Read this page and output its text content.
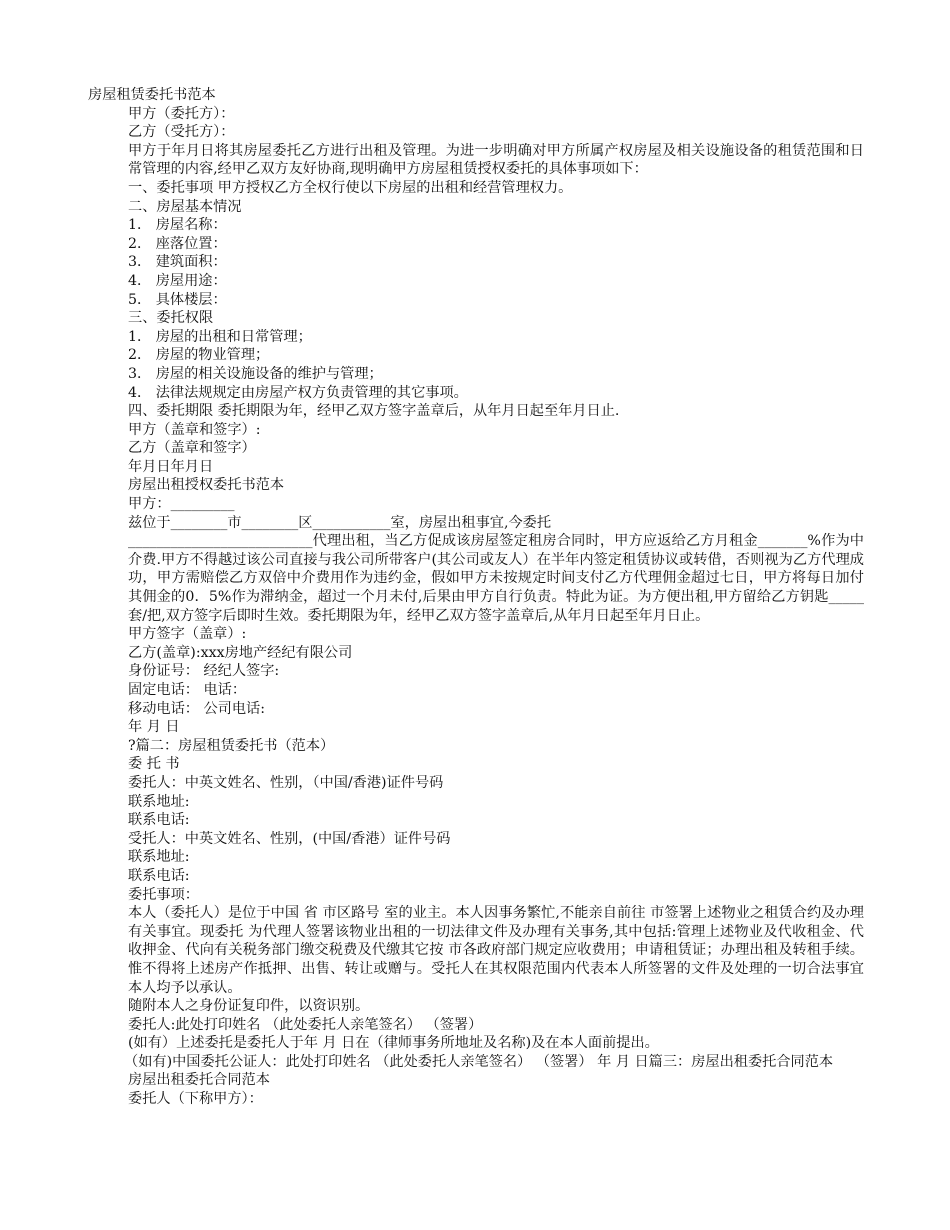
房屋租赁委托书范本

甲方（委托方）：

乙方（受托方）：

甲方于年月日将其房屋委托乙方进行出租及管理。为进一步明确对甲方所属产权房屋及相关设施设备的租赁范围和日常管理的内容,经甲乙双方友好协商,现明确甲方房屋租赁授权委托的具体事项如下：

一、委托事项 甲方授权乙方全权行使以下房屋的出租和经营管理权力。

二、房屋基本情况

1． 房屋名称：

2． 座落位置：

3． 建筑面积：

4． 房屋用途：

5． 具体楼层：

三、委托权限

1． 房屋的出租和日常管理；

2． 房屋的物业管理；

3． 房屋的相关设施设备的维护与管理；

4． 法律法规规定由房屋产权方负责管理的其它事项。

四、委托期限 委托期限为年，经甲乙双方签字盖章后，从年月日起至年月日止.

甲方（盖章和签字）:

乙方（盖章和签字）

年月日年月日

房屋出租授权委托书范本

甲方：_________

兹位于________市________区___________室，房屋出租事宜,今委托

__________________________代理出租，当乙方促成该房屋签定租房合同时，甲方应返给乙方月租金_______%作为中介费.甲方不得越过该公司直接与我公司所带客户(其公司或友人）在半年内签定租赁协议或转借，否则视为乙方代理成功，甲方需赔偿乙方双倍中介费用作为违约金，假如甲方未按规定时间支付乙方代理佣金超过七日，甲方将每日加付其佣金的0．5%作为滞纳金，超过一个月未付,后果由甲方自行负责。特此为证。为方便出租,甲方留给乙方钥匙_____套/把,双方签字后即时生效。委托期限为年，经甲乙双方签字盖章后,从年月日起至年月日止。

甲方签字（盖章）:

乙方(盖章):xxx房地产经纪有限公司

身份证号： 经纪人签字:

固定电话： 电话：

移动电话： 公司电话:

年 月 日

?篇二：房屋租赁委托书（范本）

委 托 书

委托人：中英文姓名、性别，（中国/香港)证件号码

联系地址:

联系电话:

受托人：中英文姓名、性别，(中国/香港）证件号码

联系地址:

联系电话:

委托事项：

本人（委托人）是位于中国 省 市区路号 室的业主。本人因事务繁忙,不能亲自前往 市签署上述物业之租赁合约及办理有关事宜。现委托 为代理人签署该物业出租的一切法律文件及办理有关事务,其中包括:管理上述物业及代收租金、代收押金、代向有关税务部门缴交税费及代缴其它按 市各政府部门规定应收费用；申请租赁证；办理出租及转租手续。惟不得将上述房产作抵押、出售、转让或赠与。受托人在其权限范围内代表本人所签署的文件及处理的一切合法事宜本人均予以承认。

随附本人之身份证复印件，以资识别。

委托人:此处打印姓名 （此处委托人亲笔签名） （签署）

(如有）上述委托是委托人于年 月 日在（律师事务所地址及名称)及在本人面前提出。

（如有)中国委托公证人：此处打印姓名 （此处委托人亲笔签名） （签署） 年 月 日篇三：房屋出租委托合同范本

房屋出租委托合同范本

委托人（下称甲方）：
